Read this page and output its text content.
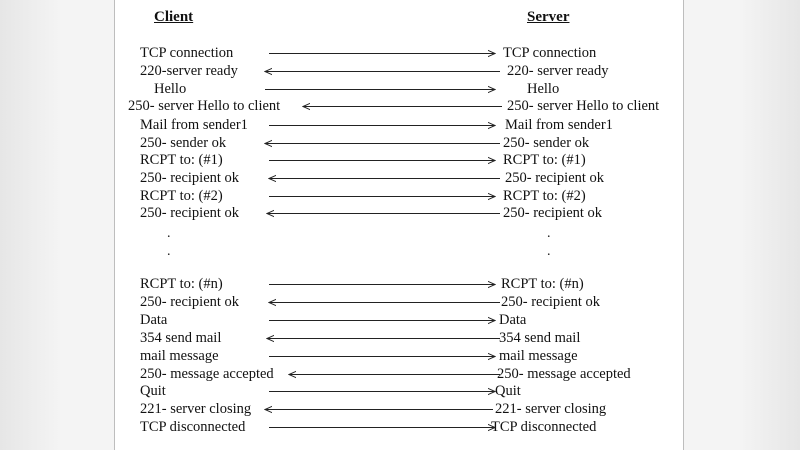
Client	Server
TCP connection	TCP connection
220-server ready	220- server ready
Hello	Hello
250- server Hello to client	250- server Hello to client
Mail from sender1	Mail from sender1
250- sender ok	250- sender ok
RCPT to: (#1)	RCPT to: (#1)
250- recipient ok	250- recipient ok
RCPT to: (#2)	RCPT to: (#2)
250- recipient ok	250- recipient ok
RCPT to: (#n)	RCPT to: (#n)
250- recipient ok	250- recipient ok
Data	Data
354 send mail	354 send mail
mail message	mail message
250- message accepted	250- message accepted
Quit	Quit
221- server closing	221- server closing
TCP disconnected	TCP disconnected
.
.
.
.
